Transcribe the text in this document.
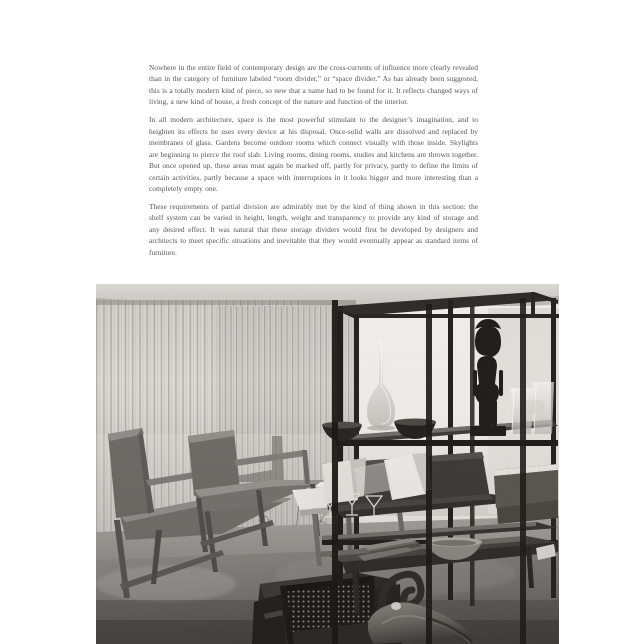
Nowhere in the entire field of contemporary design are the cross-currents of influence more clearly revealed than in the category of furniture labeled “room divider,” or “space divider.” As has already been suggested, this is a totally modern kind of piece, so new that a name had to be found for it. It reflects changed ways of living, a new kind of house, a fresh concept of the nature and function of the interior.

In all modern architecture, space is the most powerful stimulant to the designer’s imagination, and to heighten its effects he uses every device at his disposal. Once-solid walls are dissolved and replaced by membranes of glass. Gardens become outdoor rooms which connect visually with those inside. Skylights are beginning to pierce the roof slab. Living rooms, dining rooms, studies and kitchens are thrown together. But once opened up, these areas must again be marked off, partly for privacy, partly to define the limits of certain activities, partly because a space with interruptions in it looks bigger and more interesting than a completely empty one.

These requirements of partial division are admirably met by the kind of thing shown in this section: the shelf system can be varied in height, length, weight and transparency to provide any kind of storage and any desired effect. It was natural that these storage dividers would first be developed by designers and architects to meet specific situations and inevitable that they would eventually appear as standard items of furniture.
